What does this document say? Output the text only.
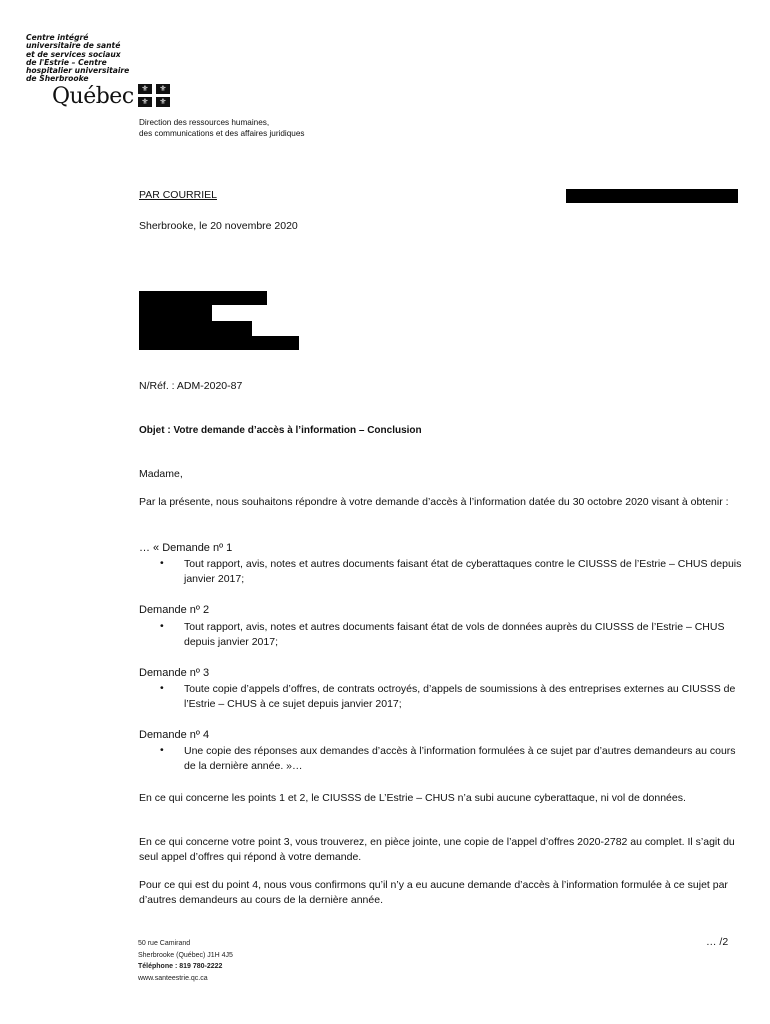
Centre intégré
universitaire de santé
et de services sociaux
de l'Estrie – Centre
hospitalier universitaire
de Sherbrooke
Québec ⚜	⚜
⚜	⚜
Direction des ressources humaines,
des communications et des affaires juridiques
PAR COURRIEL
Sherbrooke, le 20 novembre 2020
N/Réf. : ADM-2020-87
Objet : Votre demande d’accès à l’information – Conclusion
Madame,
Par la présente, nous souhaitons répondre à votre demande d’accès à l’information datée du 30 octobre 2020 visant à obtenir :
… « Demande nº 1
• Tout rapport, avis, notes et autres documents faisant état de cyberattaques contre le CIUSSS de l’Estrie – CHUS depuis janvier 2017;
Demande nº 2
• Tout rapport, avis, notes et autres documents faisant état de vols de données auprès du CIUSSS de l’Estrie – CHUS depuis janvier 2017;
Demande nº 3
• Toute copie d’appels d’offres, de contrats octroyés, d’appels de soumissions à des entreprises externes au CIUSSS de l’Estrie – CHUS à ce sujet depuis janvier 2017;
Demande nº 4
• Une copie des réponses aux demandes d’accès à l’information formulées à ce sujet par d’autres demandeurs au cours de la dernière année. »…
En ce qui concerne les points 1 et 2, le CIUSSS de L’Estrie – CHUS n’a subi aucune cyberattaque, ni vol de données.
En ce qui concerne votre point 3, vous trouverez, en pièce jointe, une copie de l’appel d’offres 2020-2782 au complet. Il s’agit du seul appel d’offres qui répond à votre demande.
Pour ce qui est du point 4, nous vous confirmons qu’il n’y a eu aucune demande d’accès à l’information formulée à ce sujet par d’autres demandeurs au cours de la dernière année.
50 rue Camirand
Sherbrooke (Québec) J1H 4J5
Téléphone : 819 780-2222
www.santeestrie.qc.ca
… /2
